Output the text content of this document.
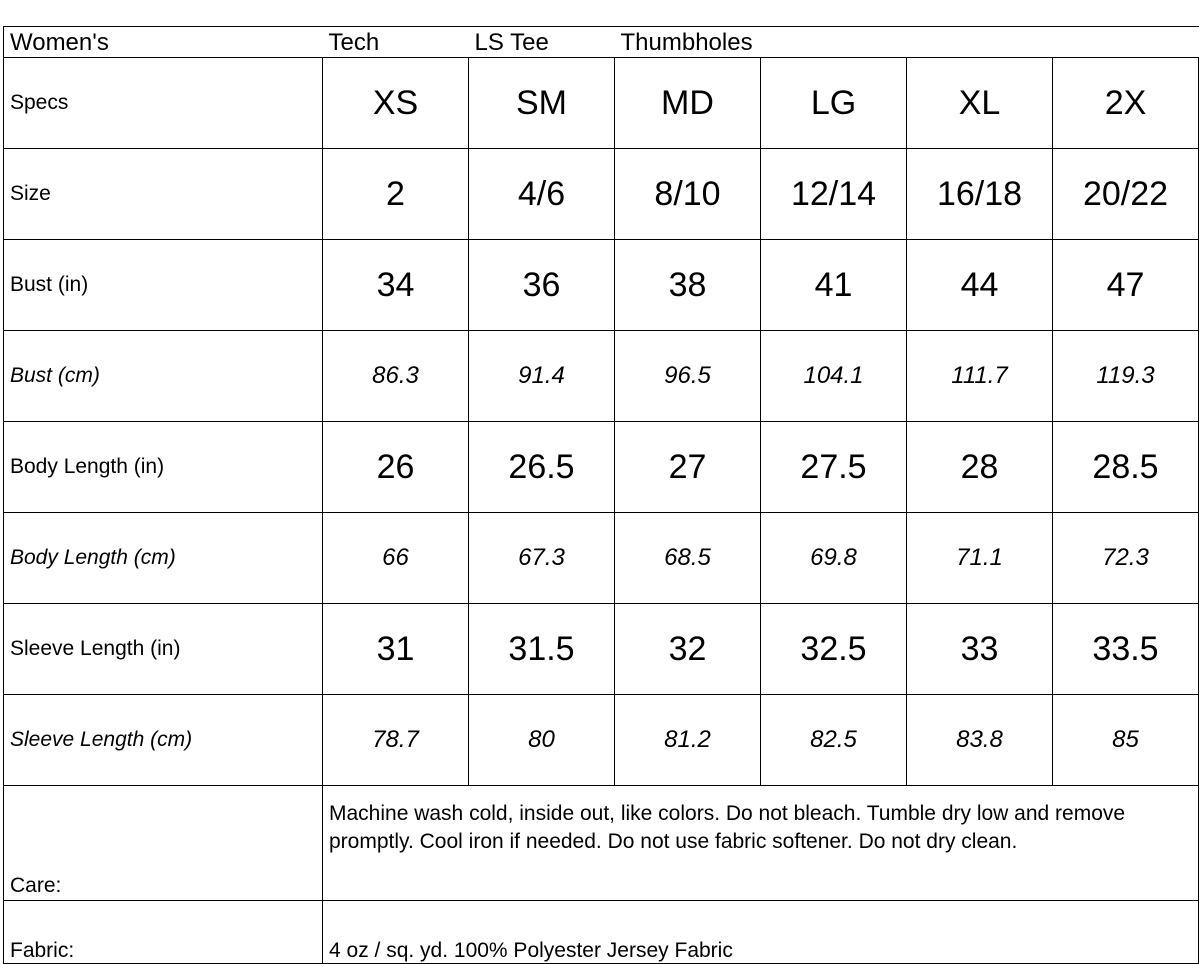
Women's	Tech LS Tee Thumbholes					
Specs	XS	SM	MD	LG	XL	2X
Size	2	4/6	8/10	12/14	16/18	20/22
Bust (in)	34	36	38	41	44	47
Bust (cm)	86.3	91.4	96.5	104.1	111.7	119.3
Body Length (in)	26	26.5	27	27.5	28	28.5
Body Length (cm)	66	67.3	68.5	69.8	71.1	72.3
Sleeve Length (in)	31	31.5	32	32.5	33	33.5
Sleeve Length (cm)	78.7	80	81.2	82.5	83.8	85
Care:	Machine wash cold, inside out, like colors. Do not bleach. Tumble dry low and remove promptly. Cool iron if needed. Do not use fabric softener. Do not dry clean.					
Fabric:	4 oz / sq. yd. 100% Polyester Jersey Fabric					
